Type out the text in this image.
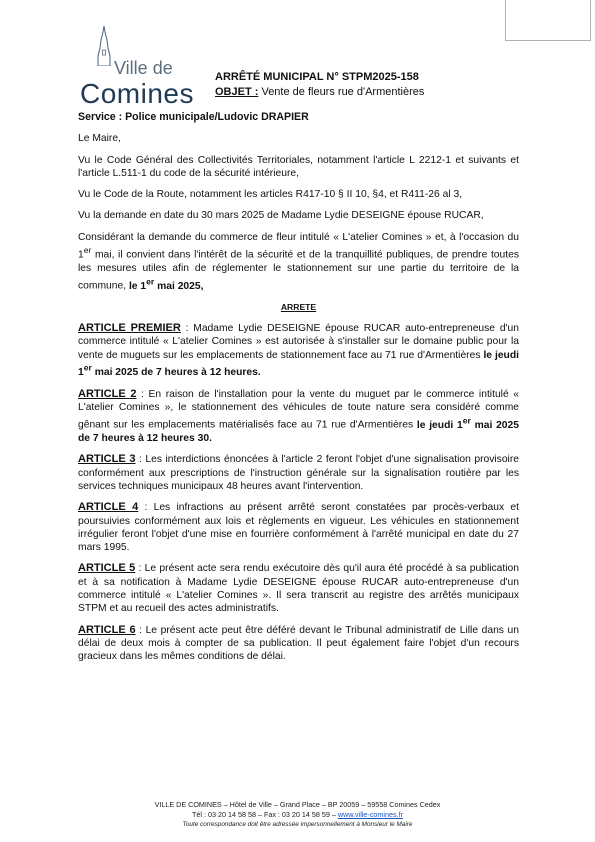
Ville de
Comines
ARRÊTÉ MUNICIPAL N° STPM2025-158
OBJET : Vente de fleurs rue d'Armentières

Service : Police municipale/Ludovic DRAPIER

Le Maire,

Vu le Code Général des Collectivités Territoriales, notamment l'article L 2212-1 et suivants et l'article L.511-1 du code de la sécurité intérieure,

Vu le Code de la Route, notamment les articles R417-10 § II 10, §4, et R411-26 al 3,

Vu la demande en date du 30 mars 2025 de Madame Lydie DESEIGNE épouse RUCAR,

Considérant la demande du commerce de fleur intitulé « L'atelier Comines » et, à l'occasion du 1er mai, il convient dans l'intérêt de la sécurité et de la tranquillité publiques, de prendre toutes les mesures utiles afin de réglementer le stationnement sur une partie du territoire de la commune, le 1er mai 2025,

ARRETE

ARTICLE PREMIER : Madame Lydie DESEIGNE épouse RUCAR auto-entrepreneuse d'un commerce intitulé « L'atelier Comines » est autorisée à s'installer sur le domaine public pour la vente de muguets sur les emplacements de stationnement face au 71 rue d'Armentières le jeudi 1er mai 2025 de 7 heures à 12 heures.

ARTICLE 2 : En raison de l'installation pour la vente du muguet par le commerce intitulé « L'atelier Comines », le stationnement des véhicules de toute nature sera considéré comme gênant sur les emplacements matérialisés face au 71 rue d'Armentières le jeudi 1er mai 2025 de 7 heures à 12 heures 30.

ARTICLE 3 : Les interdictions énoncées à l'article 2 feront l'objet d'une signalisation provisoire conformément aux prescriptions de l'instruction générale sur la signalisation routière par les services techniques municipaux 48 heures avant l'intervention.

ARTICLE 4 : Les infractions au présent arrêté seront constatées par procès-verbaux et poursuivies conformément aux lois et règlements en vigueur. Les véhicules en stationnement irrégulier feront l'objet d'une mise en fourrière conformément à l'arrêté municipal en date du 27 mars 1995.

ARTICLE 5 : Le présent acte sera rendu exécutoire dès qu'il aura été procédé à sa publication et à sa notification à Madame Lydie DESEIGNE épouse RUCAR auto-entrepreneuse d'un commerce intitulé « L'atelier Comines ». Il sera transcrit au registre des arrêtés municipaux STPM et au recueil des actes administratifs.

ARTICLE 6 : Le présent acte peut être déféré devant le Tribunal administratif de Lille dans un délai de deux mois à compter de sa publication. Il peut également faire l'objet d'un recours gracieux dans les mêmes conditions de délai.

VILLE DE COMINES – Hôtel de Ville – Grand Place – BP 20059 – 59558 Comines Cedex
Tél : 03 20 14 58 58 – Fax : 03 20 14 58 59 – www.ville-comines.fr
Toute correspondance doit être adressée impersonnellement à Monsieur le Maire
